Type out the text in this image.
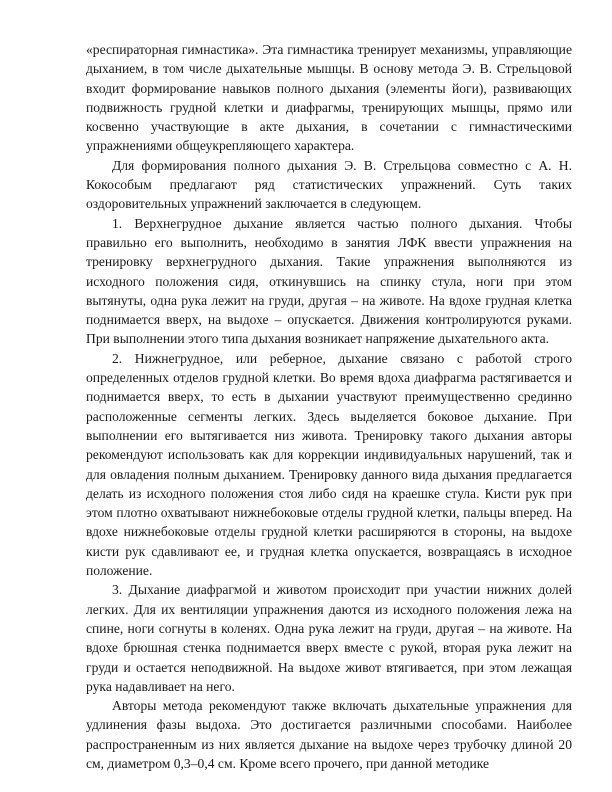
«респираторная гимнастика». Эта гимнастика тренирует механизмы, управляющие дыханием, в том числе дыхательные мышцы. В основу метода Э. В. Стрельцовой входит формирование навыков полного дыхания (элементы йоги), развивающих подвижность грудной клетки и диафрагмы, тренирующих мышцы, прямо или косвенно участвующие в акте дыхания, в сочетании с гимнастическими упражнениями общеукрепляющего характера.

Для формирования полного дыхания Э. В. Стрельцова совместно с А. Н. Кокособым предлагают ряд статистических упражнений. Суть таких оздоровительных упражнений заключается в следующем.

1. Верхнегрудное дыхание является частью полного дыхания. Чтобы правильно его выполнить, необходимо в занятия ЛФК ввести упражнения на тренировку верхнегрудного дыхания. Такие упражнения выполняются из исходного положения сидя, откинувшись на спинку стула, ноги при этом вытянуты, одна рука лежит на груди, другая – на животе. На вдохе грудная клетка поднимается вверх, на выдохе – опускается. Движения контролируются руками. При выполнении этого типа дыхания возникает напряжение дыхательного акта.

2. Нижнегрудное, или реберное, дыхание связано с работой строго определенных отделов грудной клетки. Во время вдоха диафрагма растягивается и поднимается вверх, то есть в дыхании участвуют преимущественно срединно расположенные сегменты легких. Здесь выделяется боковое дыхание. При выполнении его вытягивается низ живота. Тренировку такого дыхания авторы рекомендуют использовать как для коррекции индивидуальных нарушений, так и для овладения полным дыханием. Тренировку данного вида дыхания предлагается делать из исходного положения стоя либо сидя на краешке стула. Кисти рук при этом плотно охватывают нижнебоковые отделы грудной клетки, пальцы вперед. На вдохе нижнебоковые отделы грудной клетки расширяются в стороны, на выдохе кисти рук сдавливают ее, и грудная клетка опускается, возвращаясь в исходное положение.

3. Дыхание диафрагмой и животом происходит при участии нижних долей легких. Для их вентиляции упражнения даются из исходного положения лежа на спине, ноги согнуты в коленях. Одна рука лежит на груди, другая – на животе. На вдохе брюшная стенка поднимается вверх вместе с рукой, вторая рука лежит на груди и остается неподвижной. На выдохе живот втягивается, при этом лежащая рука надавливает на него.

Авторы метода рекомендуют также включать дыхательные упражнения для удлинения фазы выдоха. Это достигается различными способами. Наиболее распространенным из них является дыхание на выдохе через трубочку длиной 20 см, диаметром 0,3–0,4 см. Кроме всего прочего, при данной методике
